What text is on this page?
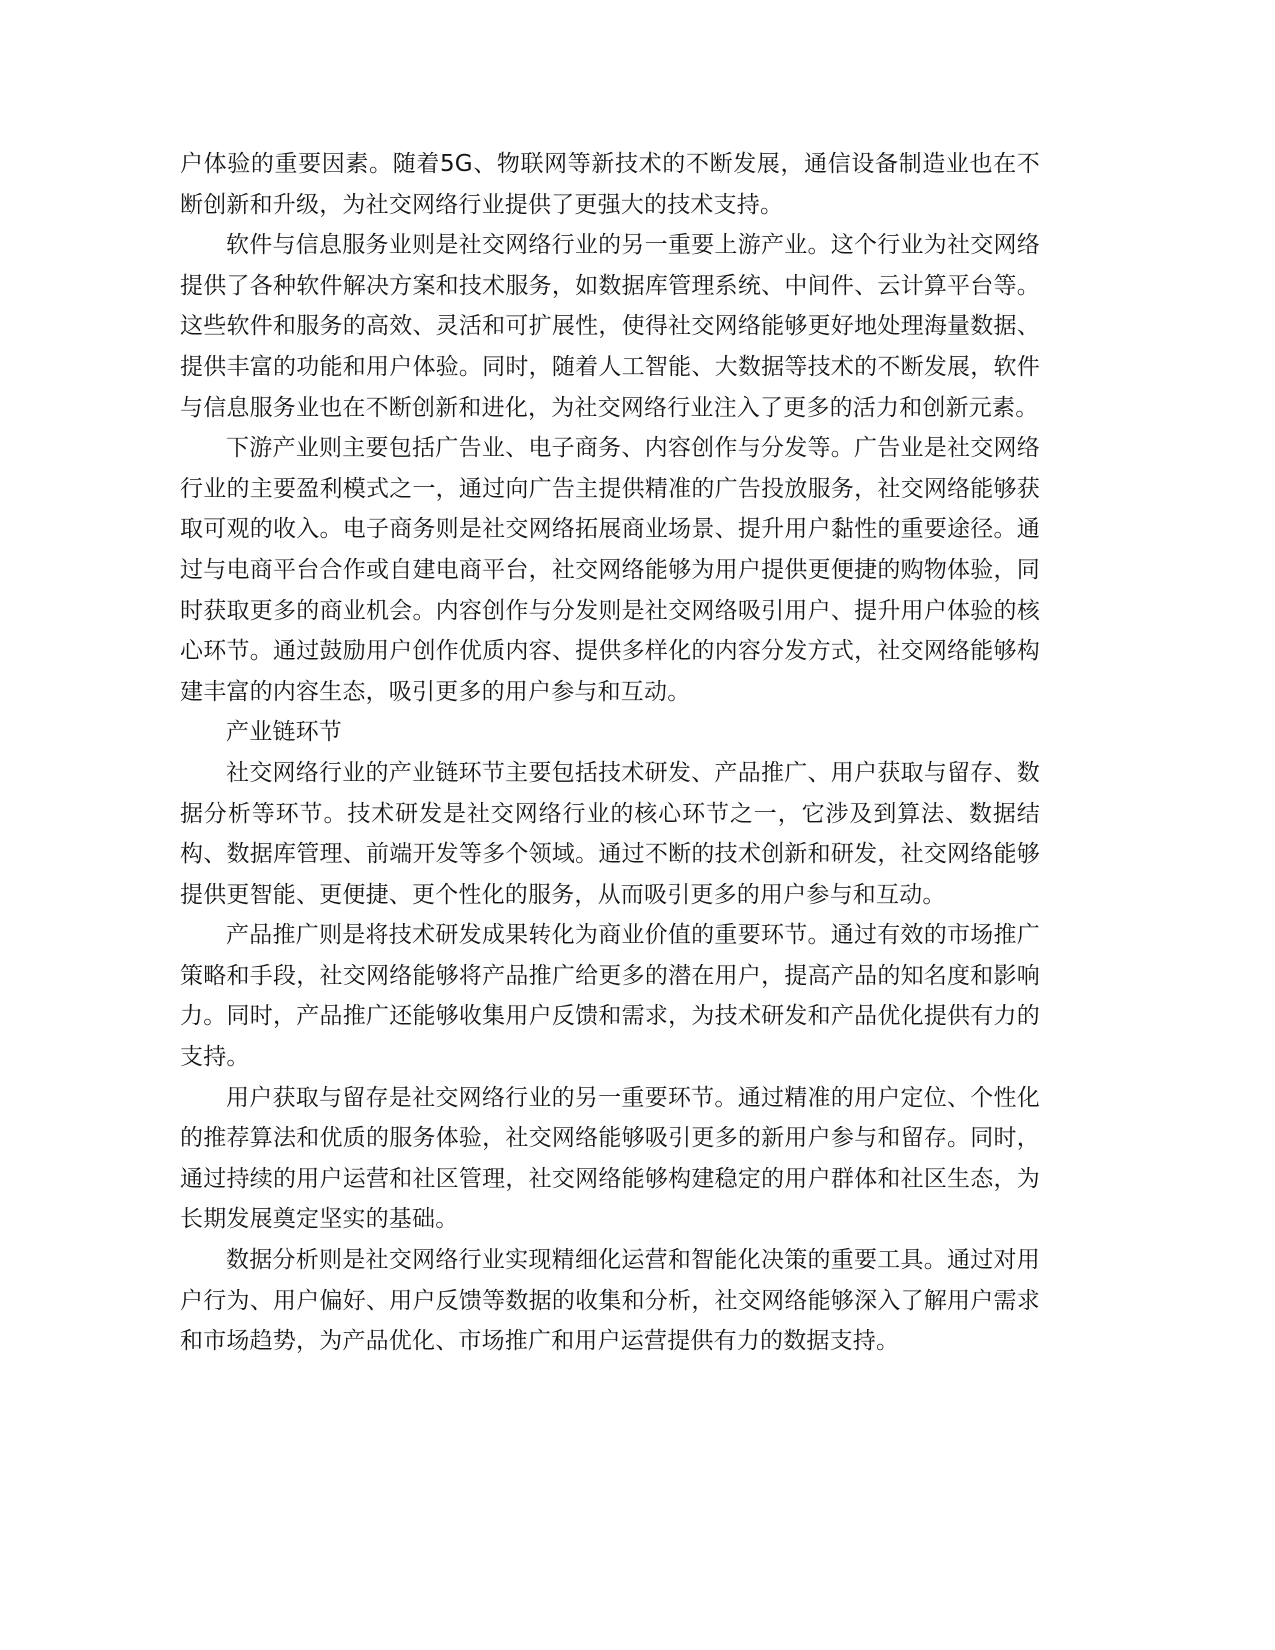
户体验的重要因素。随着5G、物联网等新技术的不断发展，通信设备制造业也在不断创新和升级，为社交网络行业提供了更强大的技术支持。

软件与信息服务业则是社交网络行业的另一重要上游产业。这个行业为社交网络提供了各种软件解决方案和技术服务，如数据库管理系统、中间件、云计算平台等。这些软件和服务的高效、灵活和可扩展性，使得社交网络能够更好地处理海量数据、提供丰富的功能和用户体验。同时，随着人工智能、大数据等技术的不断发展，软件与信息服务业也在不断创新和进化，为社交网络行业注入了更多的活力和创新元素。

下游产业则主要包括广告业、电子商务、内容创作与分发等。广告业是社交网络行业的主要盈利模式之一，通过向广告主提供精准的广告投放服务，社交网络能够获取可观的收入。电子商务则是社交网络拓展商业场景、提升用户黏性的重要途径。通过与电商平台合作或自建电商平台，社交网络能够为用户提供更便捷的购物体验，同时获取更多的商业机会。内容创作与分发则是社交网络吸引用户、提升用户体验的核心环节。通过鼓励用户创作优质内容、提供多样化的内容分发方式，社交网络能够构建丰富的内容生态，吸引更多的用户参与和互动。

产业链环节

社交网络行业的产业链环节主要包括技术研发、产品推广、用户获取与留存、数据分析等环节。技术研发是社交网络行业的核心环节之一，它涉及到算法、数据结构、数据库管理、前端开发等多个领域。通过不断的技术创新和研发，社交网络能够提供更智能、更便捷、更个性化的服务，从而吸引更多的用户参与和互动。

产品推广则是将技术研发成果转化为商业价值的重要环节。通过有效的市场推广策略和手段，社交网络能够将产品推广给更多的潜在用户，提高产品的知名度和影响力。同时，产品推广还能够收集用户反馈和需求，为技术研发和产品优化提供有力的支持。

用户获取与留存是社交网络行业的另一重要环节。通过精准的用户定位、个性化的推荐算法和优质的服务体验，社交网络能够吸引更多的新用户参与和留存。同时，通过持续的用户运营和社区管理，社交网络能够构建稳定的用户群体和社区生态，为长期发展奠定坚实的基础。

数据分析则是社交网络行业实现精细化运营和智能化决策的重要工具。通过对用户行为、用户偏好、用户反馈等数据的收集和分析，社交网络能够深入了解用户需求和市场趋势，为产品优化、市场推广和用户运营提供有力的数据支持。
